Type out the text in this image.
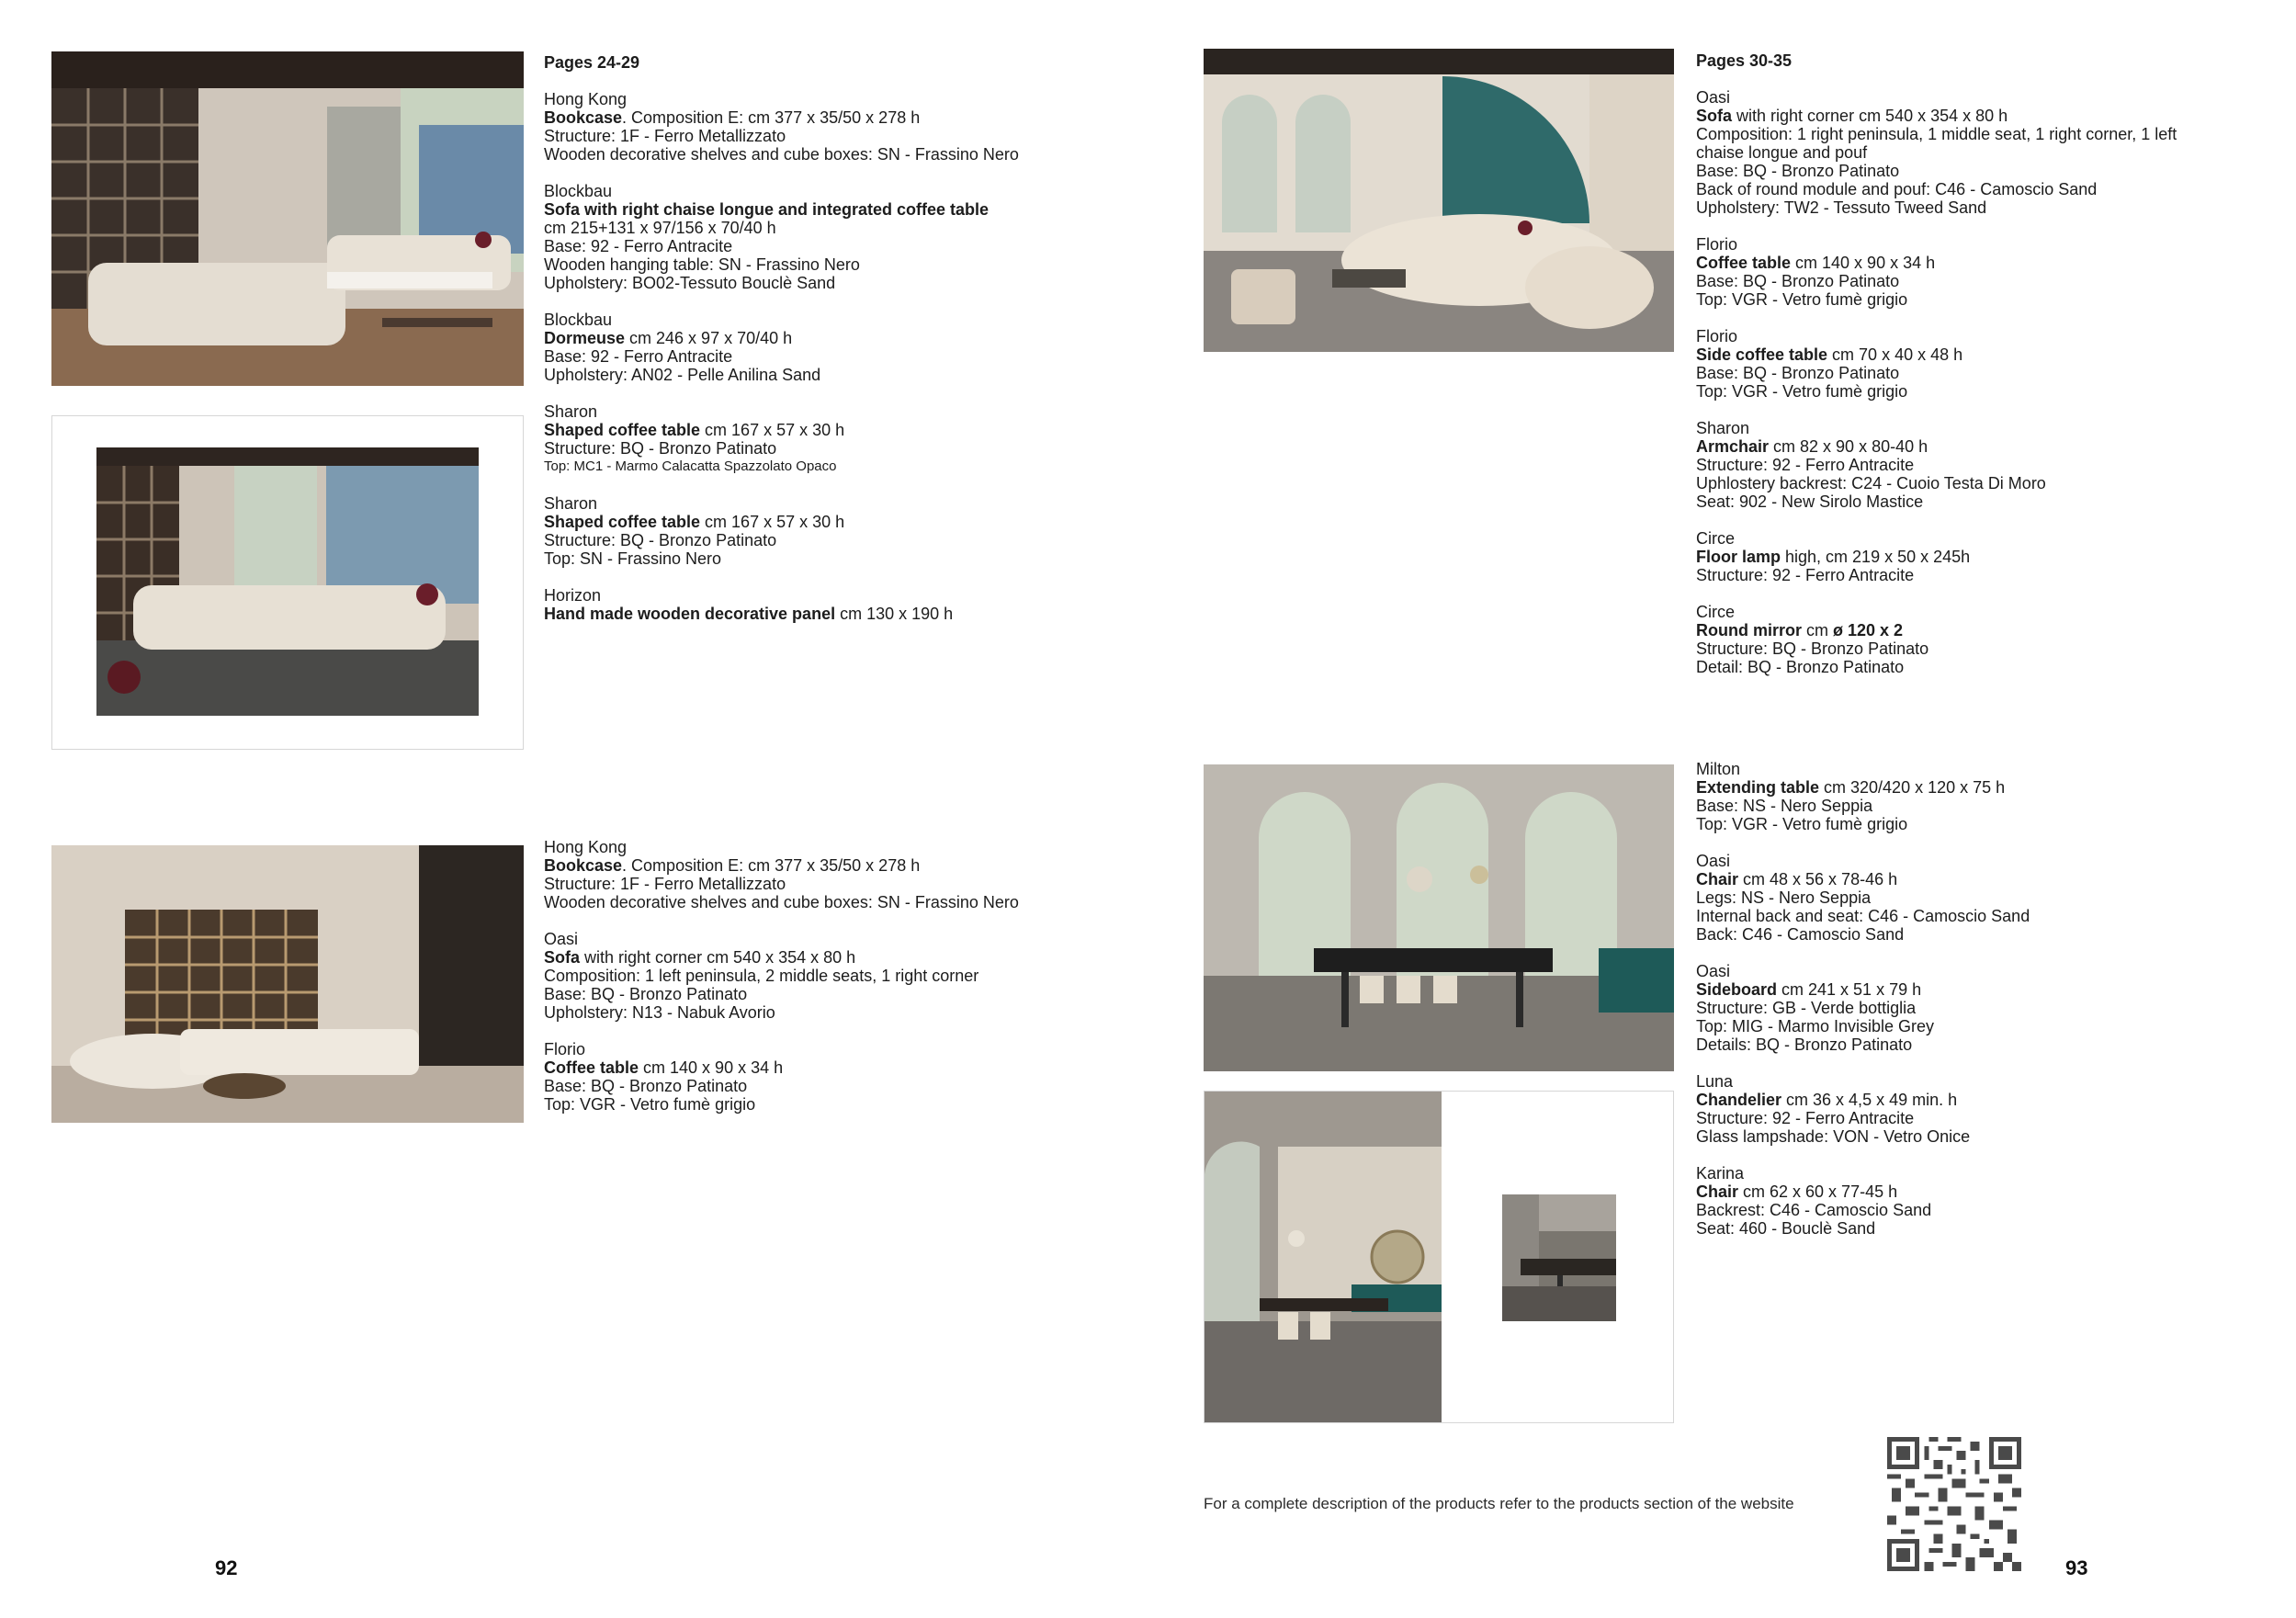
Pages 24-29
Hong Kong
Bookcase. Composition E: cm 377 x 35/50 x 278 h
Structure: 1F - Ferro Metallizzato
Wooden decorative shelves and cube boxes: SN - Frassino Nero
Blockbau
Sofa with right chaise longue and integrated coffee table
cm 215+131 x 97/156 x 70/40 h
Base: 92 - Ferro Antracite
Wooden hanging table: SN - Frassino Nero
Upholstery: BO02-Tessuto Bouclè Sand
Blockbau
Dormeuse cm 246 x 97 x 70/40 h
Base: 92 - Ferro Antracite
Upholstery: AN02 - Pelle Anilina Sand
Sharon
Shaped coffee table cm 167 x 57 x 30 h
Structure: BQ - Bronzo Patinato
Top: MC1 - Marmo Calacatta Spazzolato Opaco
Sharon
Shaped coffee table cm 167 x 57 x 30 h
Structure: BQ - Bronzo Patinato
Top: SN - Frassino Nero
Horizon
Hand made wooden decorative panel cm 130 x 190 h
Hong Kong
Bookcase. Composition E: cm 377 x 35/50 x 278 h
Structure: 1F - Ferro Metallizzato
Wooden decorative shelves and cube boxes: SN - Frassino Nero
Oasi
Sofa with right corner cm 540 x 354 x 80 h
Composition: 1 left peninsula, 2 middle seats, 1 right corner
Base: BQ - Bronzo Patinato
Upholstery: N13 - Nabuk Avorio
Florio
Coffee table cm 140 x 90 x 34 h
Base: BQ - Bronzo Patinato
Top: VGR - Vetro fumè grigio
92
Pages 30-35
Oasi
Sofa with right corner cm 540 x 354 x 80 h
Composition: 1 right peninsula, 1 middle seat, 1 right corner, 1 left chaise longue and pouf
Base: BQ - Bronzo Patinato
Back of round module and pouf: C46 - Camoscio Sand
Upholstery: TW2 - Tessuto Tweed Sand
Florio
Coffee table cm 140 x 90 x 34 h
Base: BQ - Bronzo Patinato
Top: VGR - Vetro fumè grigio
Florio
Side coffee table cm 70 x 40 x 48 h
Base: BQ - Bronzo Patinato
Top: VGR - Vetro fumè grigio
Sharon
Armchair cm 82 x 90 x 80-40 h
Structure: 92 - Ferro Antracite
Uphlostery backrest: C24 - Cuoio Testa Di Moro
Seat: 902 - New Sirolo Mastice
Circe
Floor lamp high, cm 219 x 50 x 245h
Structure: 92 - Ferro Antracite
Circe
Round mirror cm ø 120 x 2
Structure: BQ - Bronzo Patinato
Detail: BQ - Bronzo Patinato
Milton
Extending table cm 320/420 x 120 x 75 h
Base: NS - Nero Seppia
Top: VGR - Vetro fumè grigio
Oasi
Chair cm 48 x 56 x 78-46 h
Legs: NS - Nero Seppia
Internal back and seat: C46 - Camoscio Sand
Back: C46 - Camoscio Sand
Oasi
Sideboard cm 241 x 51 x 79 h
Structure: GB - Verde bottiglia
Top: MIG - Marmo Invisible Grey
Details: BQ - Bronzo Patinato
Luna
Chandelier cm 36 x 4,5 x 49 min. h
Structure: 92 - Ferro Antracite
Glass lampshade: VON - Vetro Onice
Karina
Chair cm 62 x 60 x 77-45 h
Backrest: C46 - Camoscio Sand
Seat: 460 - Bouclè Sand
For a complete description of the products refer to the products section of the website
93
